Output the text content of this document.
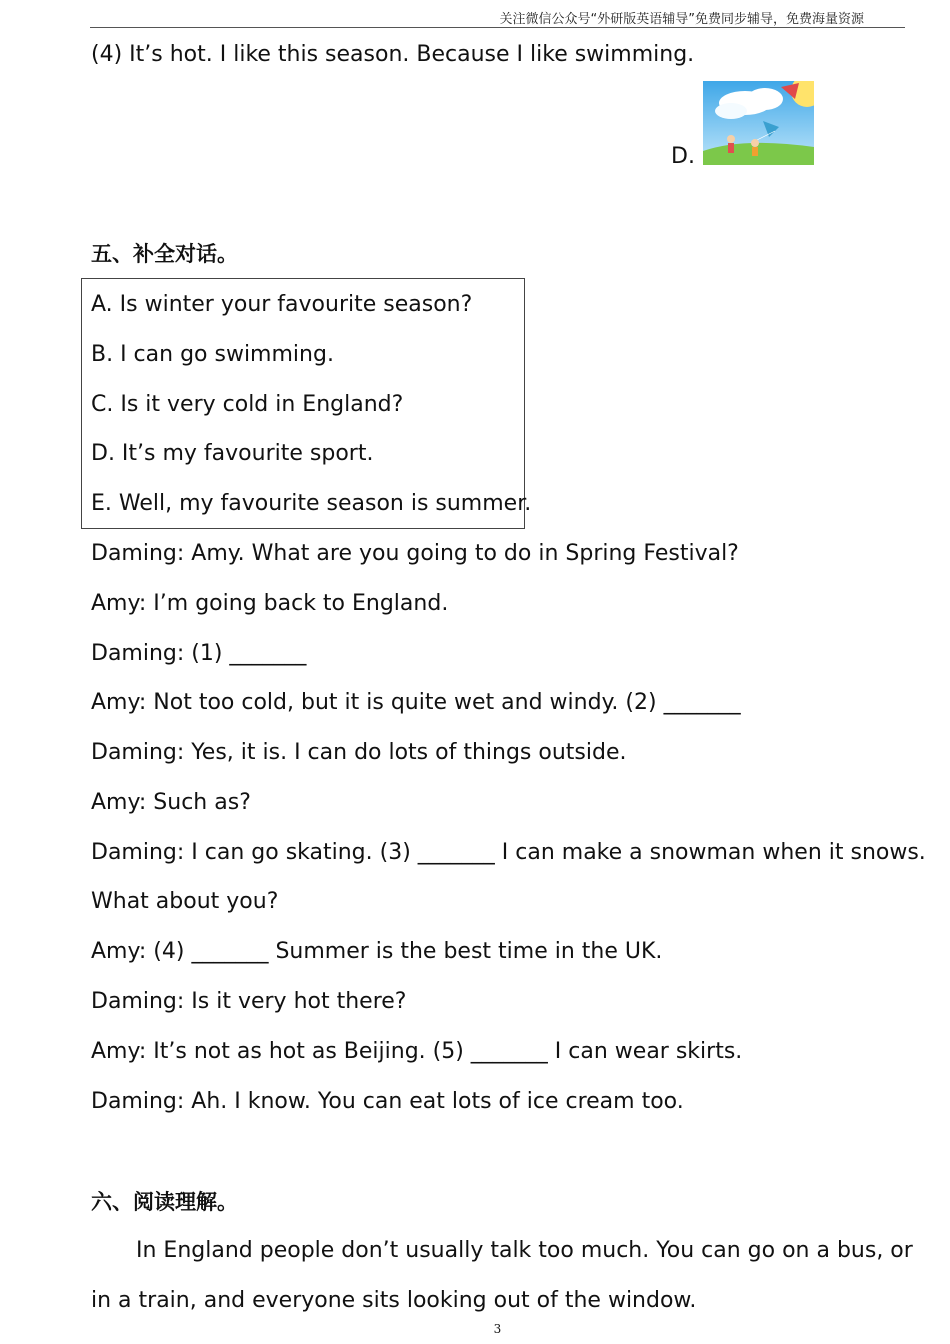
关注微信公众号“外研版英语辅导”免费同步辅导，免费海量资源
(4) It’s hot. I like this season. Because I like swimming.
D.
五、补全对话。
A. Is winter your favourite season?
B. I can go swimming.
C. Is it very cold in England?
D. It’s my favourite sport.
E. Well, my favourite season is summer.
Daming: Amy. What are you going to do in Spring Festival?
Amy: I’m going back to England.
Daming: (1) _______
Amy: Not too cold, but it is quite wet and windy. (2) _______
Daming: Yes, it is. I can do lots of things outside.
Amy: Such as?
Daming: I can go skating. (3) _______ I can make a snowman when it snows.
What about you?
Amy: (4) _______ Summer is the best time in the UK.
Daming: Is it very hot there?
Amy: It’s not as hot as Beijing. (5) _______ I can wear skirts.
Daming: Ah. I know. You can eat lots of ice cream too.
六、阅读理解。
In England people don’t usually talk too much. You can go on a bus, or
in a train, and everyone sits looking out of the window.
3
